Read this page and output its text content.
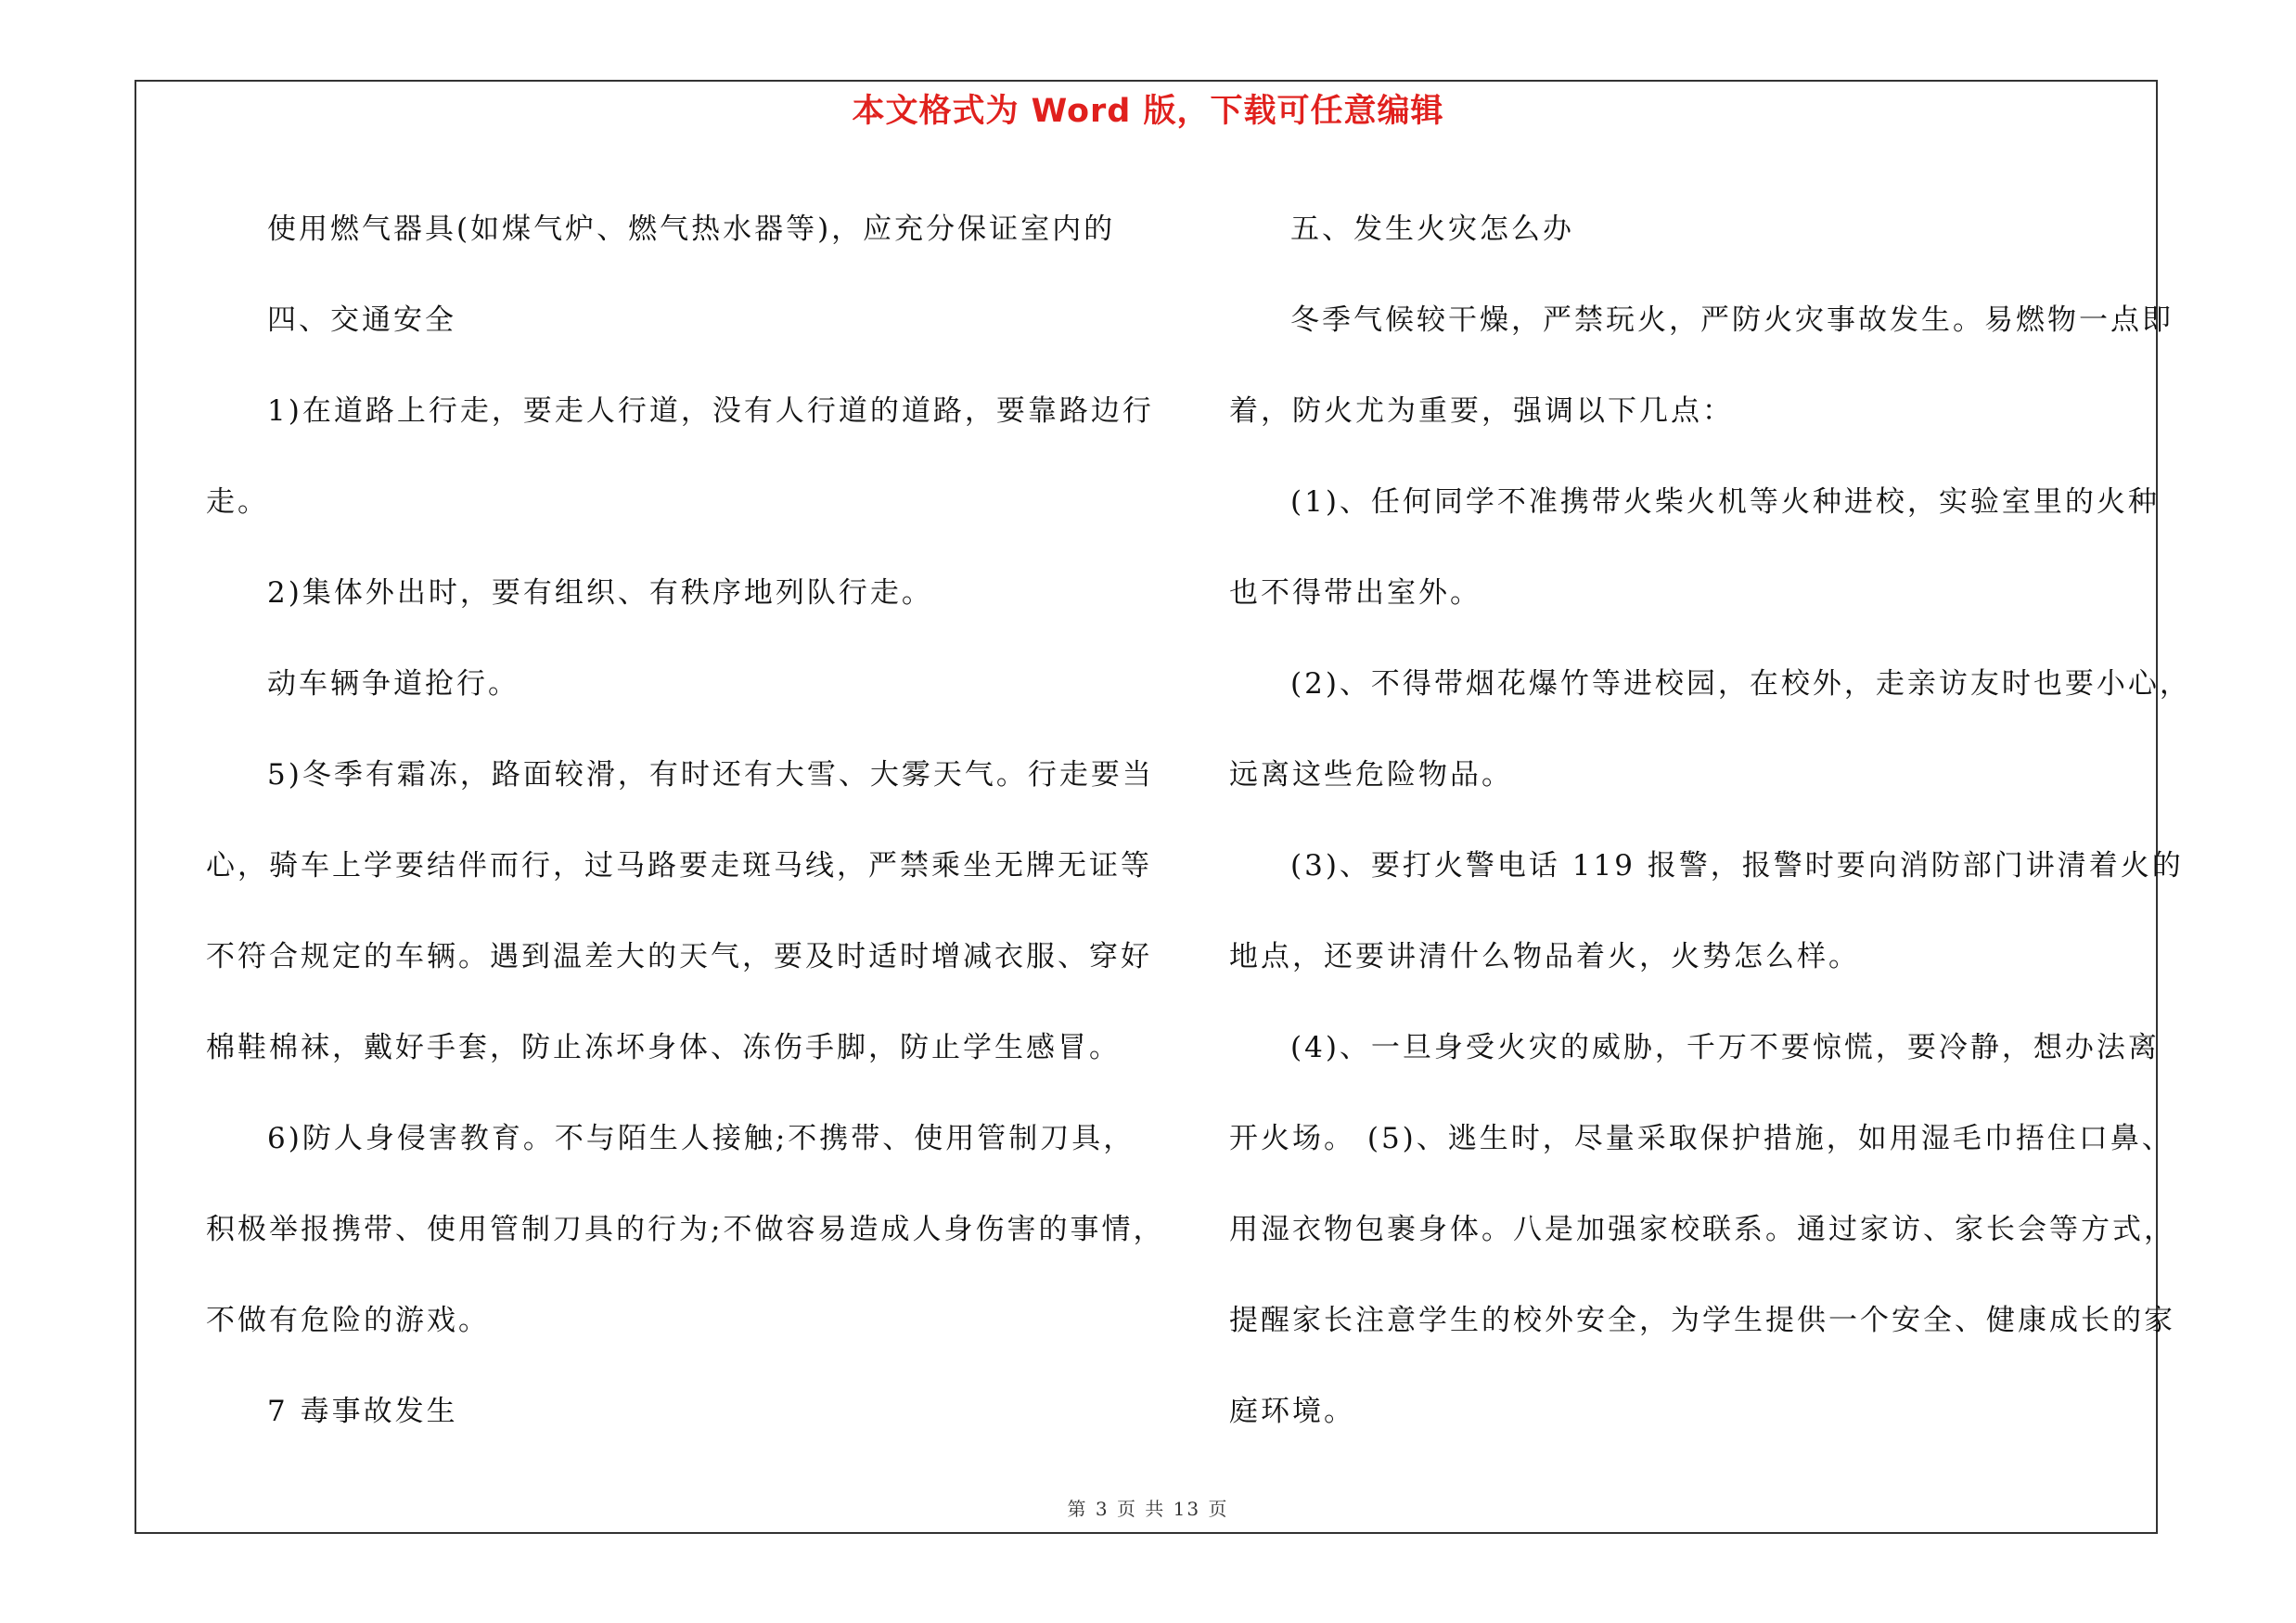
本文格式为 Word 版，下载可任意编辑
使用燃气器具(如煤气炉、燃气热水器等)，应充分保证室内的
四、交通安全
1)在道路上行走，要走人行道，没有人行道的道路，要靠路边行
走。
2)集体外出时，要有组织、有秩序地列队行走。
动车辆争道抢行。
5)冬季有霜冻，路面较滑，有时还有大雪、大雾天气。行走要当
心，骑车上学要结伴而行，过马路要走斑马线，严禁乘坐无牌无证等
不符合规定的车辆。遇到温差大的天气，要及时适时增减衣服、穿好
棉鞋棉袜，戴好手套，防止冻坏身体、冻伤手脚，防止学生感冒。
6)防人身侵害教育。不与陌生人接触;不携带、使用管制刀具，
积极举报携带、使用管制刀具的行为;不做容易造成人身伤害的事情，
不做有危险的游戏。
7 毒事故发生
五、发生火灾怎么办
冬季气候较干燥，严禁玩火，严防火灾事故发生。易燃物一点即
着，防火尤为重要，强调以下几点：
(1)、任何同学不准携带火柴火机等火种进校，实验室里的火种
也不得带出室外。
(2)、不得带烟花爆竹等进校园，在校外，走亲访友时也要小心，
远离这些危险物品。
(3)、要打火警电话 119 报警，报警时要向消防部门讲清着火的
地点，还要讲清什么物品着火，火势怎么样。
(4)、一旦身受火灾的威胁，千万不要惊慌，要冷静，想办法离
开火场。 (5)、逃生时，尽量采取保护措施，如用湿毛巾捂住口鼻、
用湿衣物包裹身体。八是加强家校联系。通过家访、家长会等方式，
提醒家长注意学生的校外安全，为学生提供一个安全、健康成长的家
庭环境。
第 3 页 共 13 页
